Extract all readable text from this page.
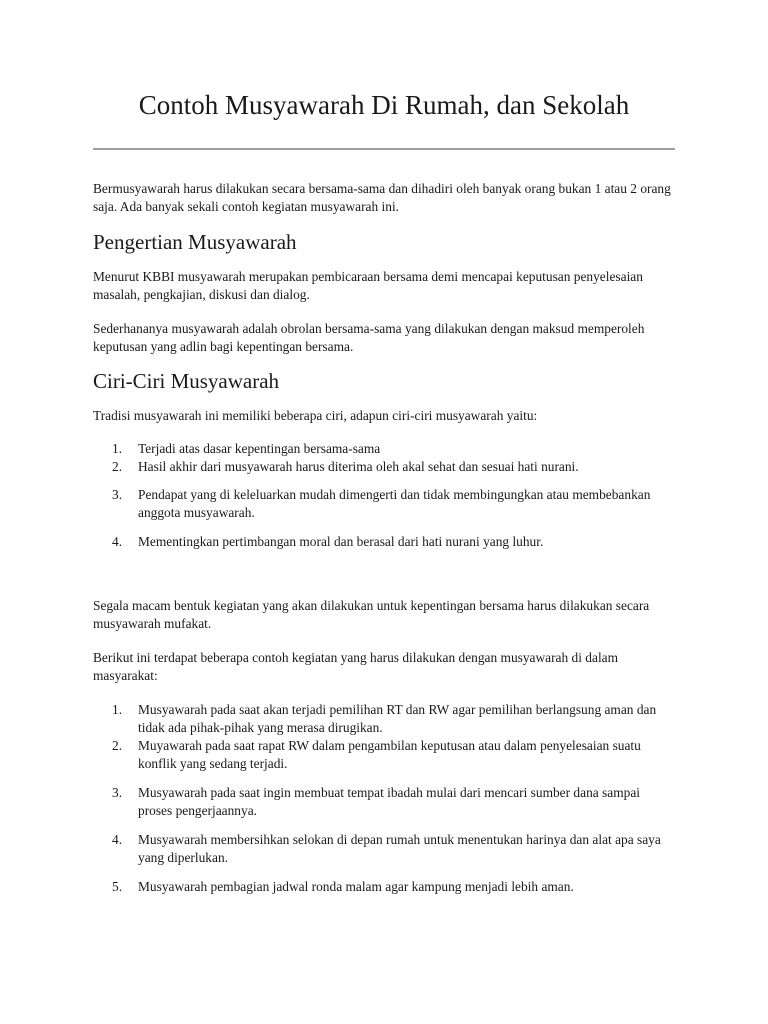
Contoh Musyawarah Di Rumah, dan Sekolah

Bermusyawarah harus dilakukan secara bersama-sama dan dihadiri oleh banyak orang bukan 1 atau 2 orang saja. Ada banyak sekali contoh kegiatan musyawarah ini.

Pengertian Musyawarah

Menurut KBBI musyawarah merupakan pembicaraan bersama demi mencapai keputusan penyelesaian masalah, pengkajian, diskusi dan dialog.

Sederhananya musyawarah adalah obrolan bersama-sama yang dilakukan dengan maksud memperoleh keputusan yang adlin bagi kepentingan bersama.

Ciri-Ciri Musyawarah

Tradisi musyawarah ini memiliki beberapa ciri, adapun ciri-ciri musyawarah yaitu:

1.	Terjadi atas dasar kepentingan bersama-sama
2.	Hasil akhir dari musyawarah harus diterima oleh akal sehat dan sesuai hati nurani.
3.	Pendapat yang di keleluarkan mudah dimengerti dan tidak membingungkan atau membebankan anggota musyawarah.
4.	Mementingkan pertimbangan moral dan berasal dari hati nurani yang luhur.

Segala macam bentuk kegiatan yang akan dilakukan untuk kepentingan bersama harus dilakukan secara musyawarah mufakat.

Berikut ini terdapat beberapa contoh kegiatan yang harus dilakukan dengan musyawarah di dalam masyarakat:

1.	Musyawarah pada saat akan terjadi pemilihan RT dan RW agar pemilihan berlangsung aman dan tidak ada pihak-pihak yang merasa dirugikan.
2.	Muyawarah pada saat rapat RW dalam pengambilan keputusan atau dalam penyelesaian suatu konflik yang sedang terjadi.
3.	Musyawarah pada saat ingin membuat tempat ibadah mulai dari mencari sumber dana sampai proses pengerjaannya.
4.	Musyawarah membersihkan selokan di depan rumah untuk menentukan harinya dan alat apa saya yang diperlukan.
5.	Musyawarah pembagian jadwal ronda malam agar kampung menjadi lebih aman.
